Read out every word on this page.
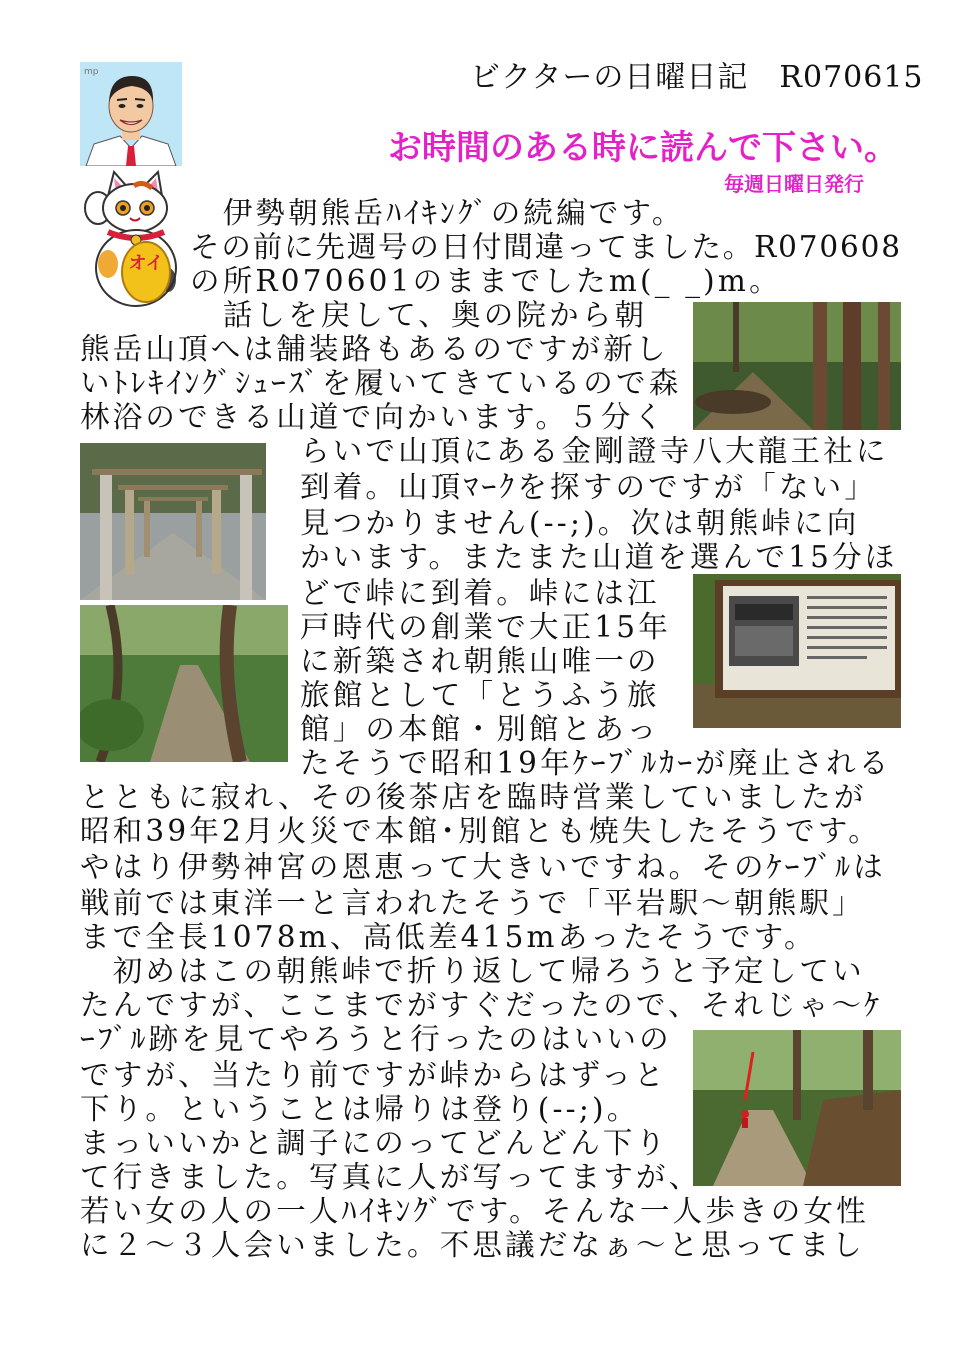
ビクターの日曜日記　R070615
お時間のある時に読んで下さい。
毎週日曜日発行
mp
オイ
　伊勢朝熊岳ﾊｲｷﾝｸﾞの続編です。
その前に先週号の日付間違ってました。R070608
の所R070601のままでしたm(_ _)m。
　話しを戻して、奥の院から朝
熊岳山頂へは舗装路もあるのですが新し
いﾄﾚｷｲﾝｸﾞｼｭｰｽﾞを履いてきているので森
林浴のできる山道で向かいます。５分く
らいで山頂にある金剛證寺八大龍王社に
到着。山頂ﾏｰｸを探すのですが「ない」
見つかりません(--;)。次は朝熊峠に向
かいます。またまた山道を選んで15分ほ
どで峠に到着。峠には江
戸時代の創業で大正15年
に新築され朝熊山唯一の
旅館として「とうふう旅
館」の本館・別館とあっ
たそうで昭和19年ｹｰﾌﾞﾙｶｰが廃止される
とともに寂れ、その後茶店を臨時営業していましたが
昭和39年2月火災で本館･別館とも焼失したそうです。
やはり伊勢神宮の恩恵って大きいですね。そのｹｰﾌﾞﾙは
戦前では東洋一と言われたそうで「平岩駅～朝熊駅」
まで全長1078m、高低差415mあったそうです。
　初めはこの朝熊峠で折り返して帰ろうと予定してい
たんですが、ここまでがすぐだったので、それじゃ～ｹ
ｰﾌﾞﾙ跡を見てやろうと行ったのはいいの
ですが、当たり前ですが峠からはずっと
下り。ということは帰りは登り(--;)。
まっいいかと調子にのってどんどん下り
て行きました。写真に人が写ってますが、
若い女の人の一人ﾊｲｷﾝｸﾞです。そんな一人歩きの女性
に２～３人会いました。不思議だなぁ～と思ってまし
